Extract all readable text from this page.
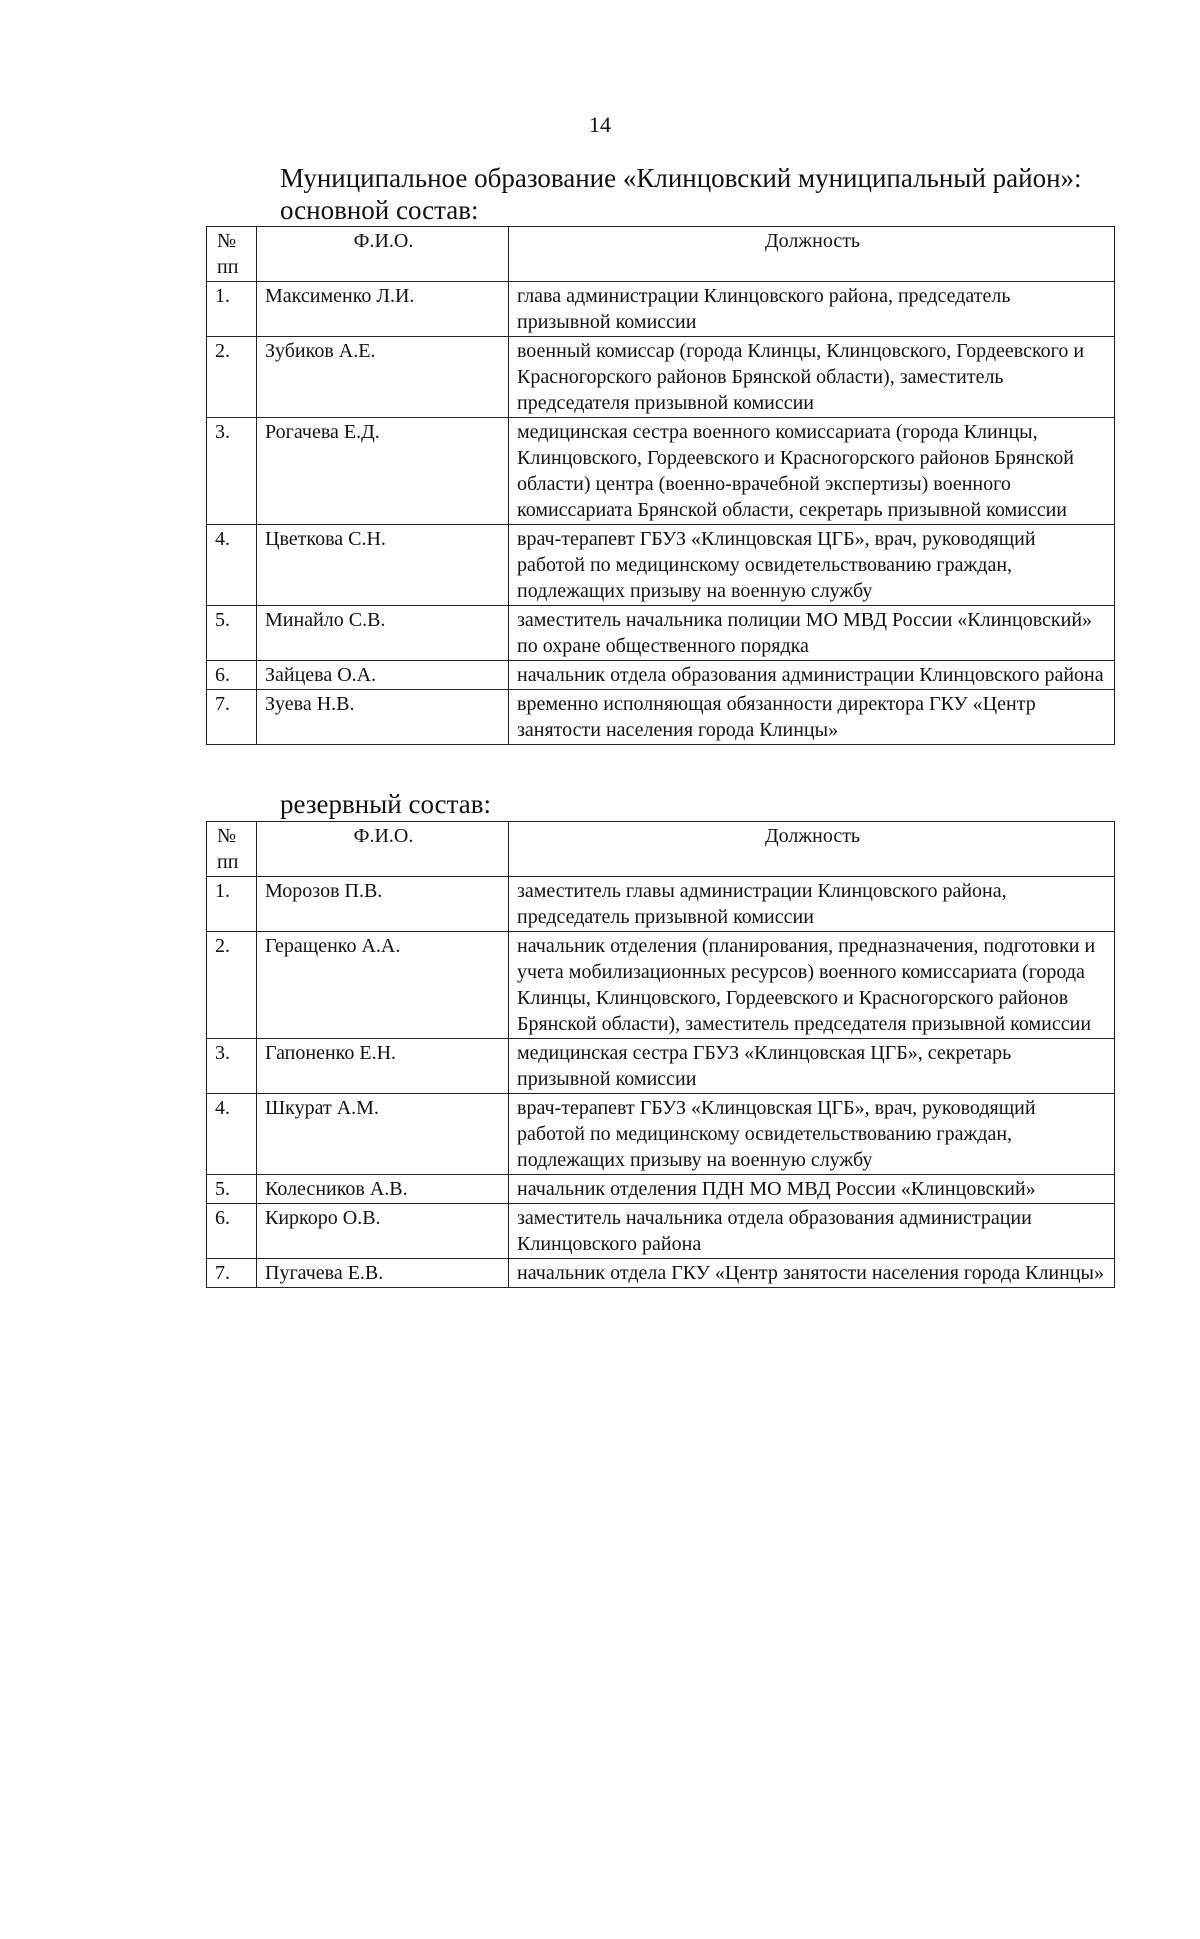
14
Муниципальное образование «Клинцовский муниципальный район»:
основной состав:
№ пп	Ф.И.О.	Должность
1.	Максименко Л.И.	глава администрации Клинцовского района, председатель призывной комиссии
2.	Зубиков А.Е.	военный комиссар (города Клинцы, Клинцовского, Гордеевского и Красногорского районов Брянской области), заместитель председателя призывной комиссии
3.	Рогачева Е.Д.	медицинская сестра военного комиссариата (города Клинцы, Клинцовского, Гордеевского и Красногорского районов Брянской области) центра (военно-врачебной экспертизы) военного комиссариата Брянской области, секретарь призывной комиссии
4.	Цветкова С.Н.	врач-терапевт ГБУЗ «Клинцовская ЦГБ», врач, руководящий работой по медицинскому освидетельствованию граждан, подлежащих призыву на военную службу
5.	Минайло С.В.	заместитель начальника полиции МО МВД России «Клинцовский» по охране общественного порядка
6.	Зайцева О.А.	начальник отдела образования администрации Клинцовского района
7.	Зуева Н.В.	временно исполняющая обязанности директора ГКУ «Центр занятости населения города Клинцы»
резервный состав:
№ пп	Ф.И.О.	Должность
1.	Морозов П.В.	заместитель главы администрации Клинцовского района, председатель призывной комиссии
2.	Геращенко А.А.	начальник отделения (планирования, предназначения, подготовки и учета мобилизационных ресурсов) военного комиссариата (города Клинцы, Клинцовского, Гордеевского и Красногорского районов Брянской области), заместитель председателя призывной комиссии
3.	Гапоненко Е.Н.	медицинская сестра ГБУЗ «Клинцовская ЦГБ», секретарь призывной комиссии
4.	Шкурат А.М.	врач-терапевт ГБУЗ «Клинцовская ЦГБ», врач, руководящий работой по медицинскому освидетельствованию граждан, подлежащих призыву на военную службу
5.	Колесников А.В.	начальник отделения ПДН МО МВД России «Клинцовский»
6.	Киркоро О.В.	заместитель начальника отдела образования администрации Клинцовского района
7.	Пугачева Е.В.	начальник отдела ГКУ «Центр занятости населения города Клинцы»
